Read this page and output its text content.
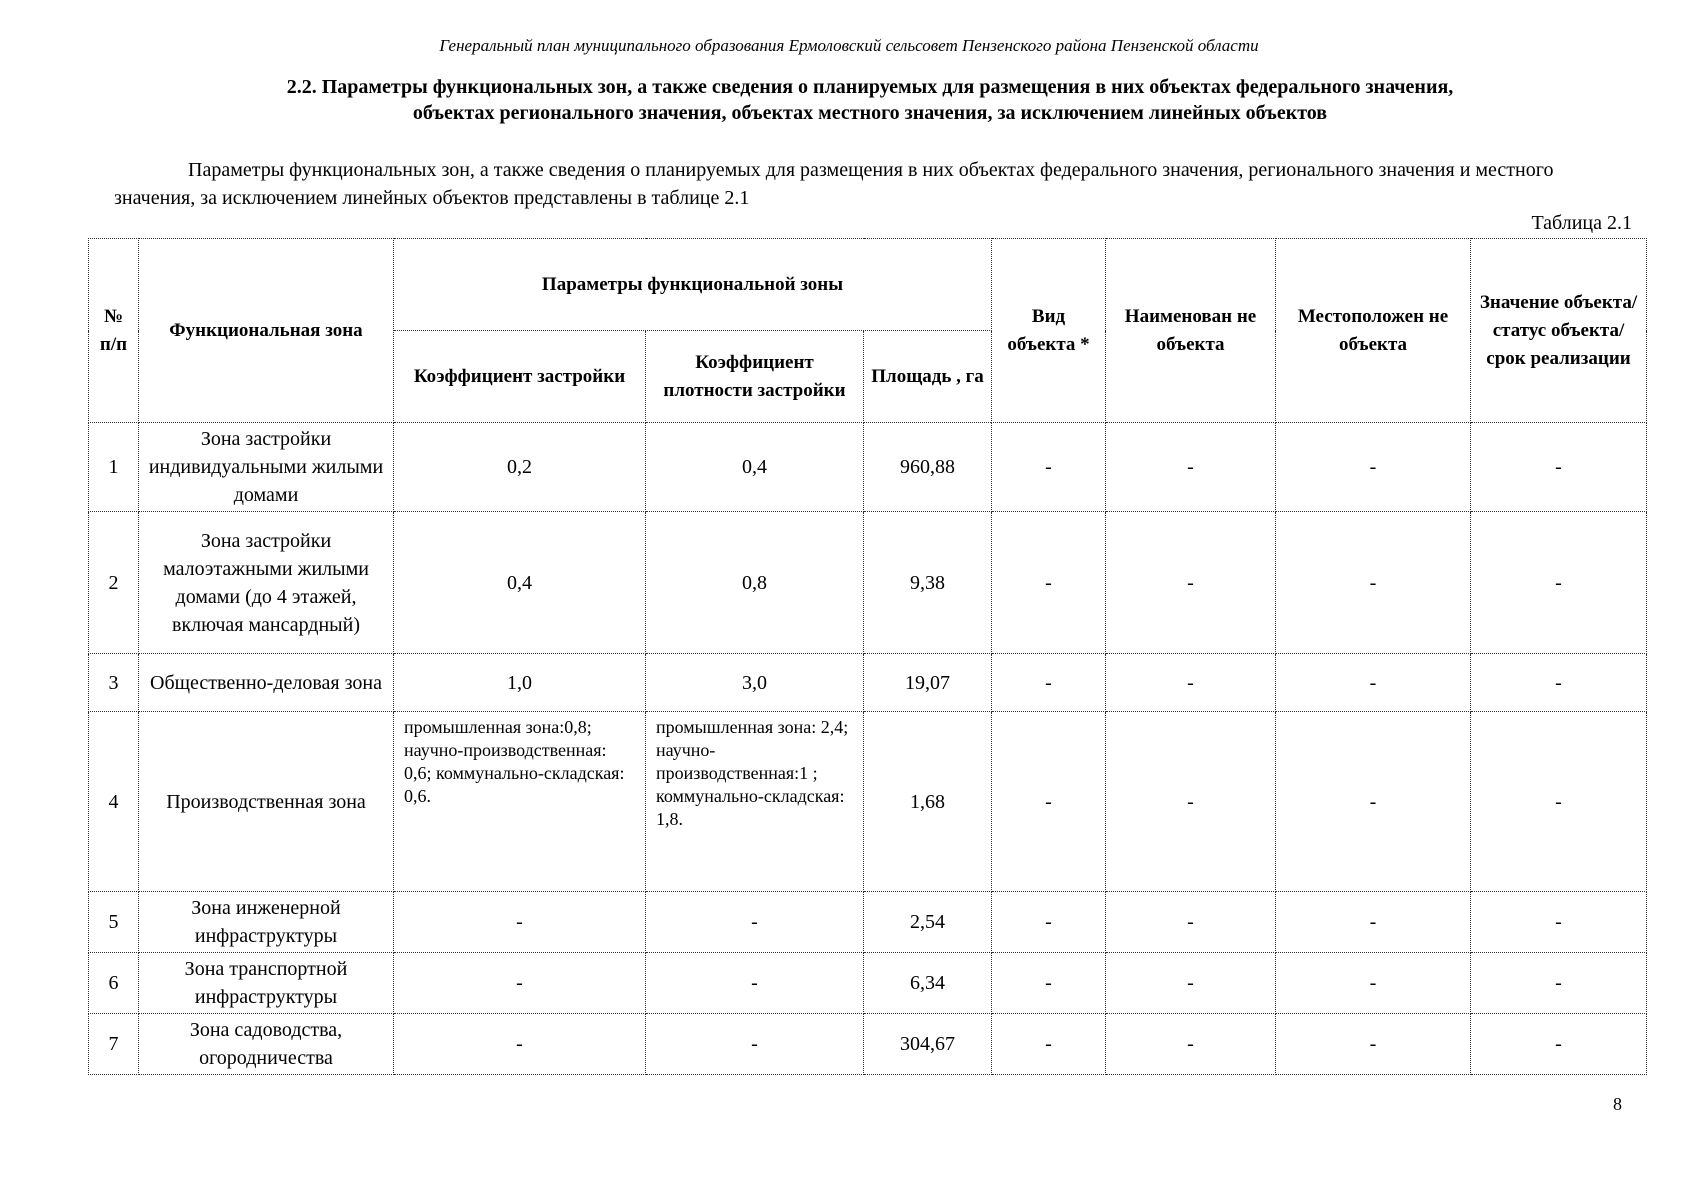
Генеральный план муниципального образования Ермоловский сельсовет Пензенского района Пензенской области
2.2. Параметры функциональных зон, а также сведения о планируемых для размещения в них объектах федерального значения,
объектах регионального значения, объектах местного значения, за исключением линейных объектов
Параметры функциональных зон, а также сведения о планируемых для размещения в них объектах федерального значения, регионального значения и местного значения, за исключением линейных объектов представлены в таблице 2.1
Таблица 2.1
№ п/п	Функциональная зона	Параметры функциональной зоны			Вид объекта *	Наименован не объекта	Местоположен не объекта	Значение объекта/ статус объекта/ срок реализации
		Коэффициент застройки	Коэффициент плотности застройки	Площадь , га				
1	Зона застройки индивидуальными жилыми домами	0,2	0,4	960,88	-	-	-	-
2	Зона застройки малоэтажными жилыми домами (до 4 этажей, включая мансардный)	0,4	0,8	9,38	-	-	-	-
3	Общественно-деловая зона	1,0	3,0	19,07	-	-	-	-
4	Производственная зона	промышленная зона:0,8; научно-производственная: 0,6; коммунально-складская: 0,6.	промышленная зона: 2,4; научно-производственная:1 ; коммунально-складская: 1,8.	1,68	-	-	-	-
5	Зона инженерной инфраструктуры	-	-	2,54	-	-	-	-
6	Зона транспортной инфраструктуры	-	-	6,34	-	-	-	-
7	Зона садоводства, огородничества	-	-	304,67	-	-	-	-
8
